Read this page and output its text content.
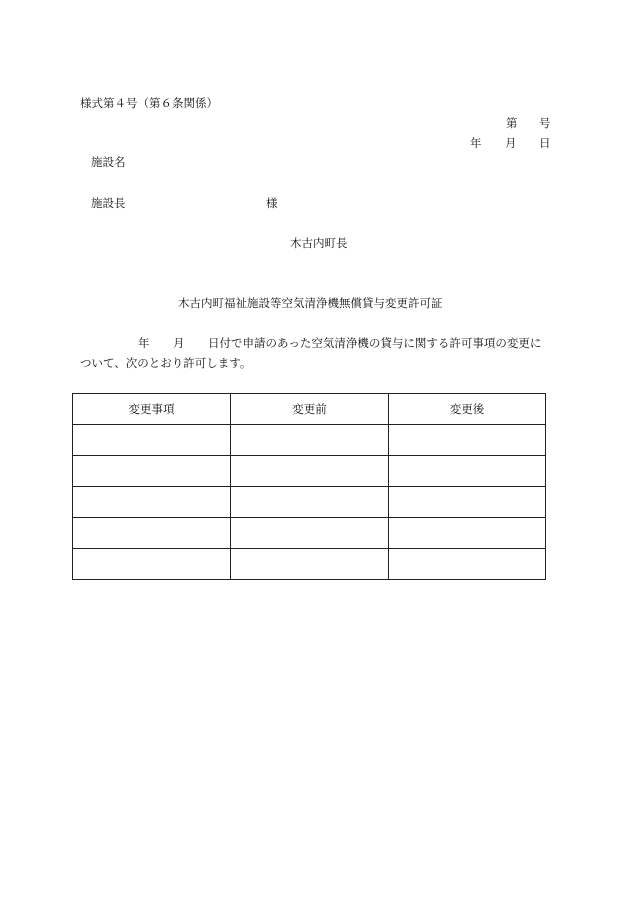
様式第４号（第６条関係）
第 号
年 月 日
施設名
施設長	様
木古内町長
木古内町福祉施設等空気清浄機無償貸与変更許可証
年 月 日付で申請のあった空気清浄機の貸与に関する許可事項の変更に
ついて、次のとおり許可します。
変更事項	変更前	変更後
